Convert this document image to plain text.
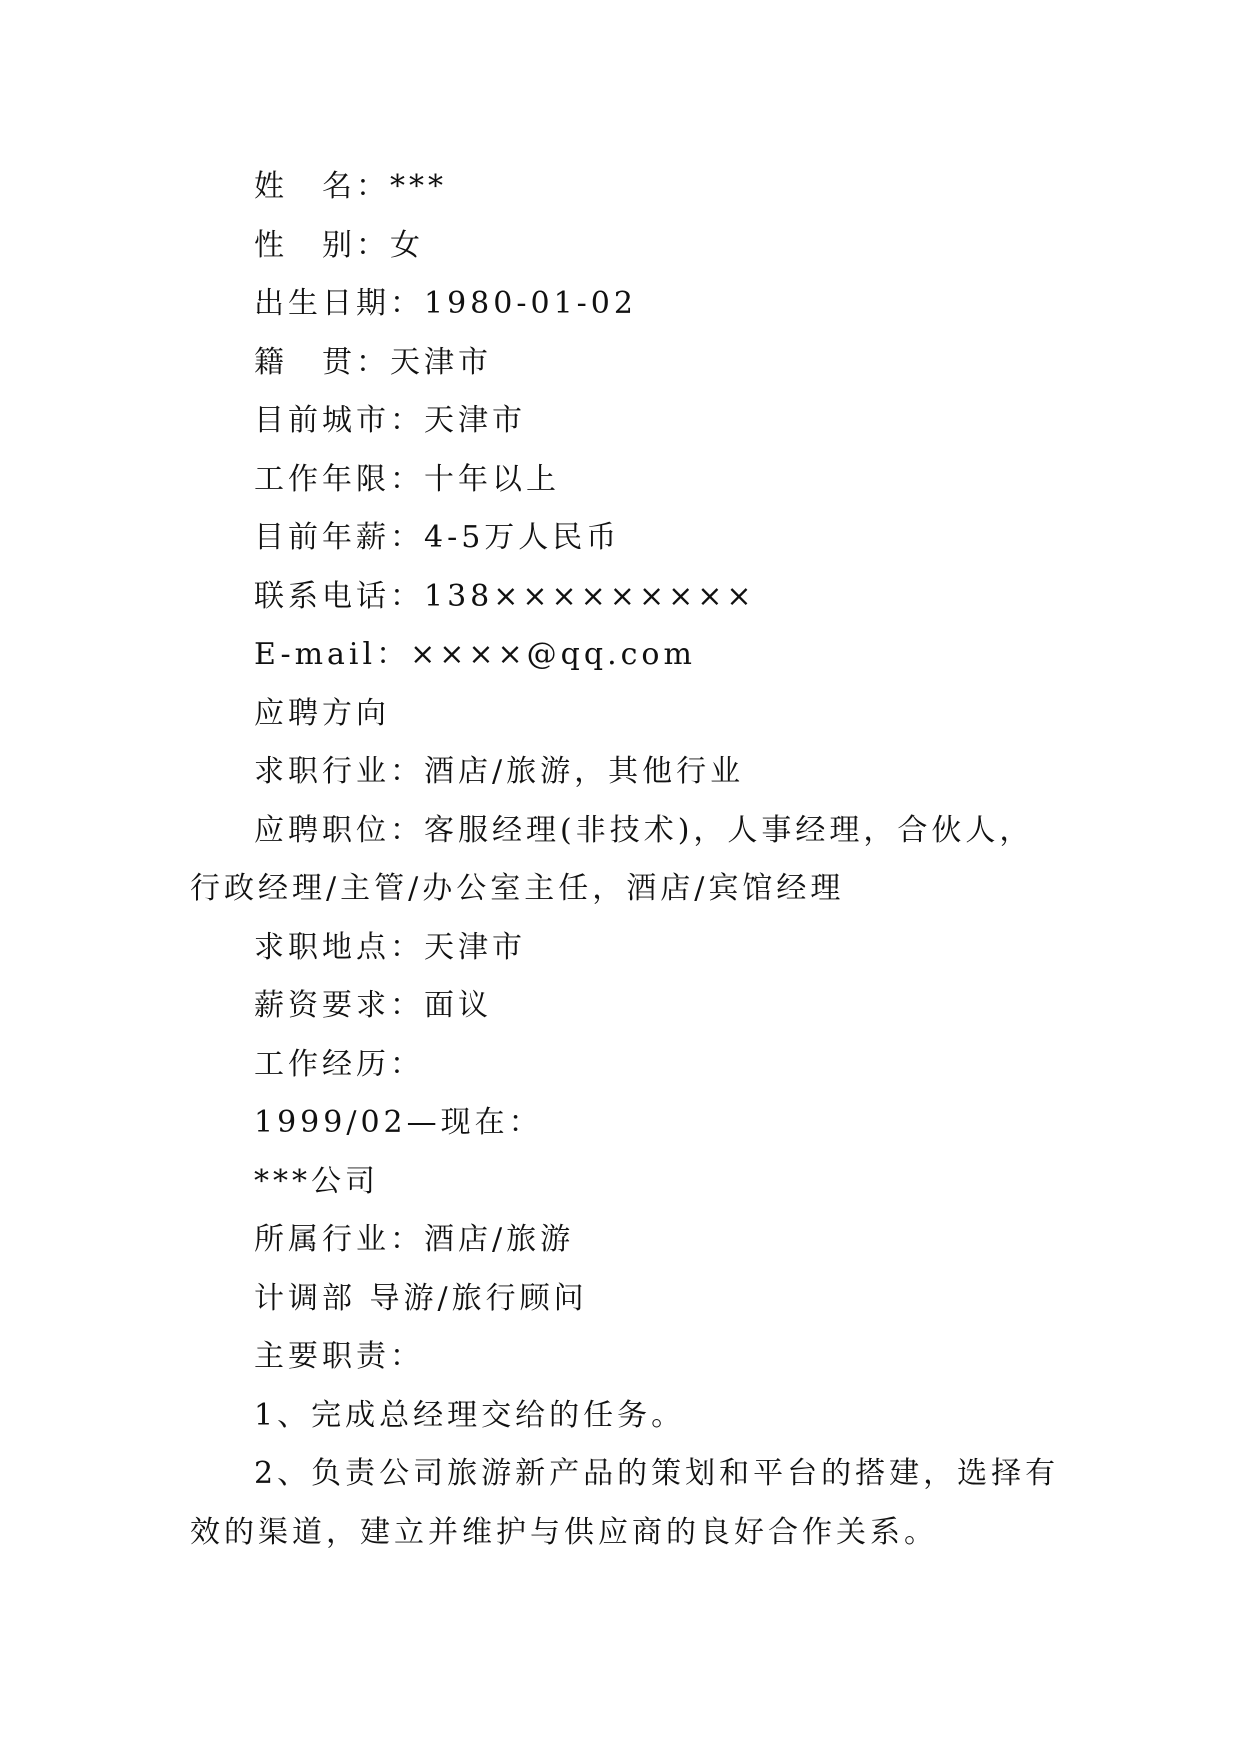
姓　名：***
性　别：女
出生日期：1980-01-02
籍　贯：天津市
目前城市：天津市
工作年限：十年以上
目前年薪：4-5万人民币
联系电话：138×××××××××
E-mail：××××@qq.com
应聘方向
求职行业：酒店/旅游，其他行业
应聘职位：客服经理(非技术)，人事经理，合伙人，
行政经理/主管/办公室主任，酒店/宾馆经理
求职地点：天津市
薪资要求：面议
工作经历：
1999/02—现在：
***公司
所属行业：酒店/旅游
计调部 导游/旅行顾问
主要职责：
1、完成总经理交给的任务。
2、负责公司旅游新产品的策划和平台的搭建，选择有
效的渠道，建立并维护与供应商的良好合作关系。
